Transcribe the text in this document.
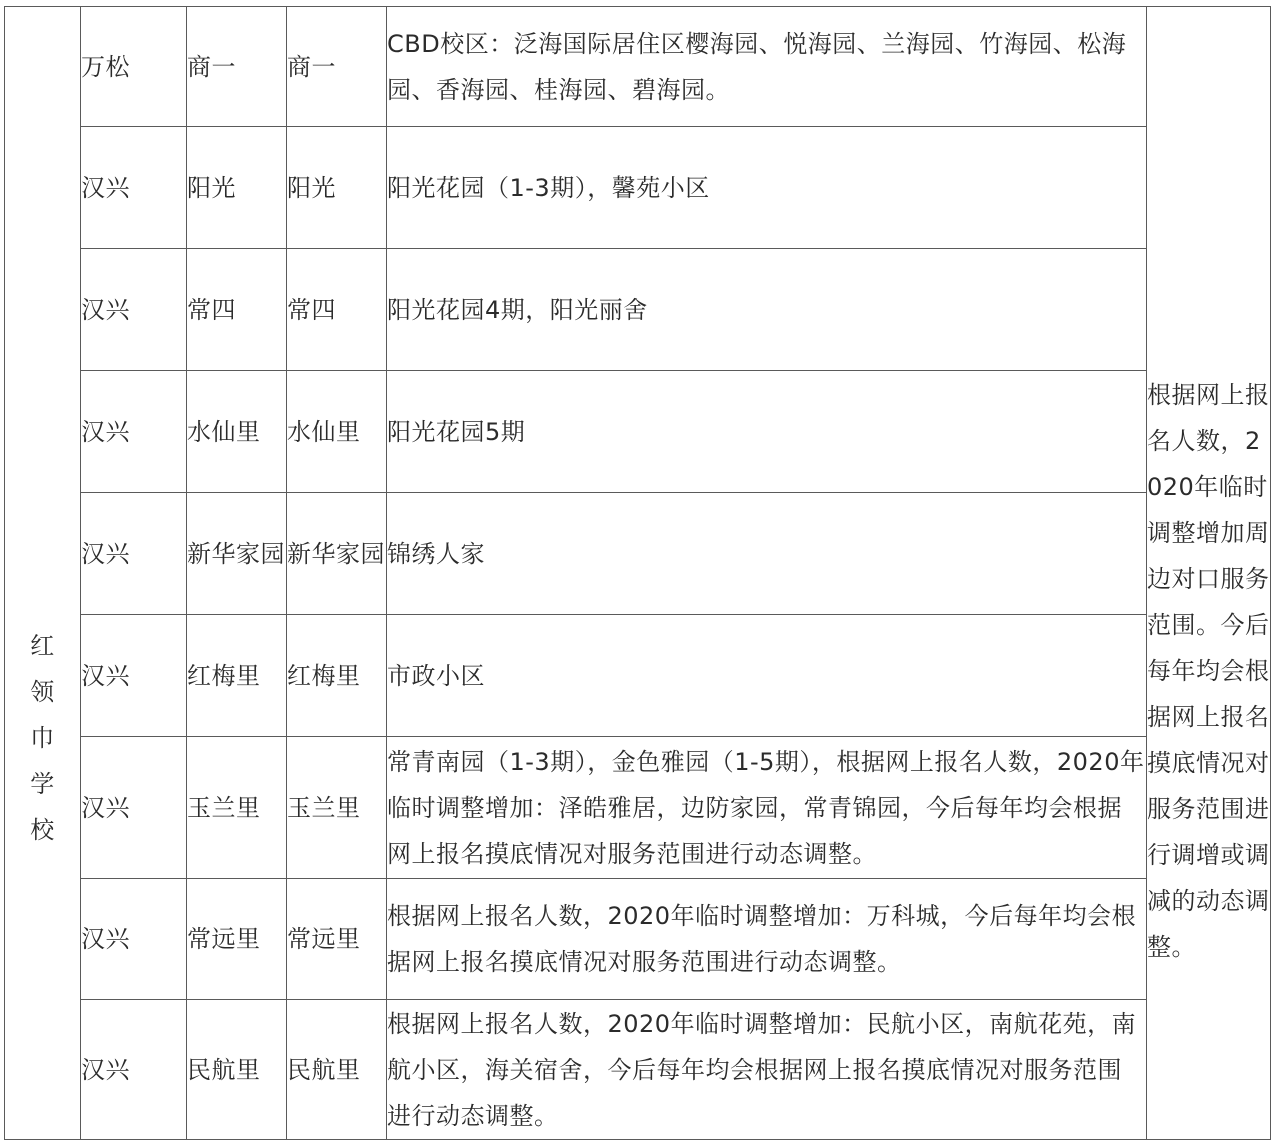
红领巾学校	万松	商一	商一	CBD校区：泛海国际居住区樱海园、悦海园、兰海园、竹海园、松海园、香海园、桂海园、碧海园。	根据网上报名人数，2020年临时调整增加周边对口服务范围。今后每年均会根据网上报名摸底情况对服务范围进行调增或调减的动态调整。

	汉兴	阳光	阳光	阳光花园（1-3期），馨苑小区	

	汉兴	常四	常四	阳光花园4期，阳光丽舍	

	汉兴	水仙里	水仙里	阳光花园5期	

	汉兴	新华家园	新华家园	锦绣人家	

	汉兴	红梅里	红梅里	市政小区	

	汉兴	玉兰里	玉兰里	常青南园（1-3期），金色雅园（1-5期），根据网上报名人数，2020年临时调整增加：泽皓雅居，边防家园，常青锦园，今后每年均会根据网上报名摸底情况对服务范围进行动态调整。	

	汉兴	常远里	常远里	根据网上报名人数，2020年临时调整增加：万科城，今后每年均会根据网上报名摸底情况对服务范围进行动态调整。	

	汉兴	民航里	民航里	根据网上报名人数，2020年临时调整增加：民航小区，南航花苑，南航小区，海关宿舍，今后每年均会根据网上报名摸底情况对服务范围进行动态调整。	
